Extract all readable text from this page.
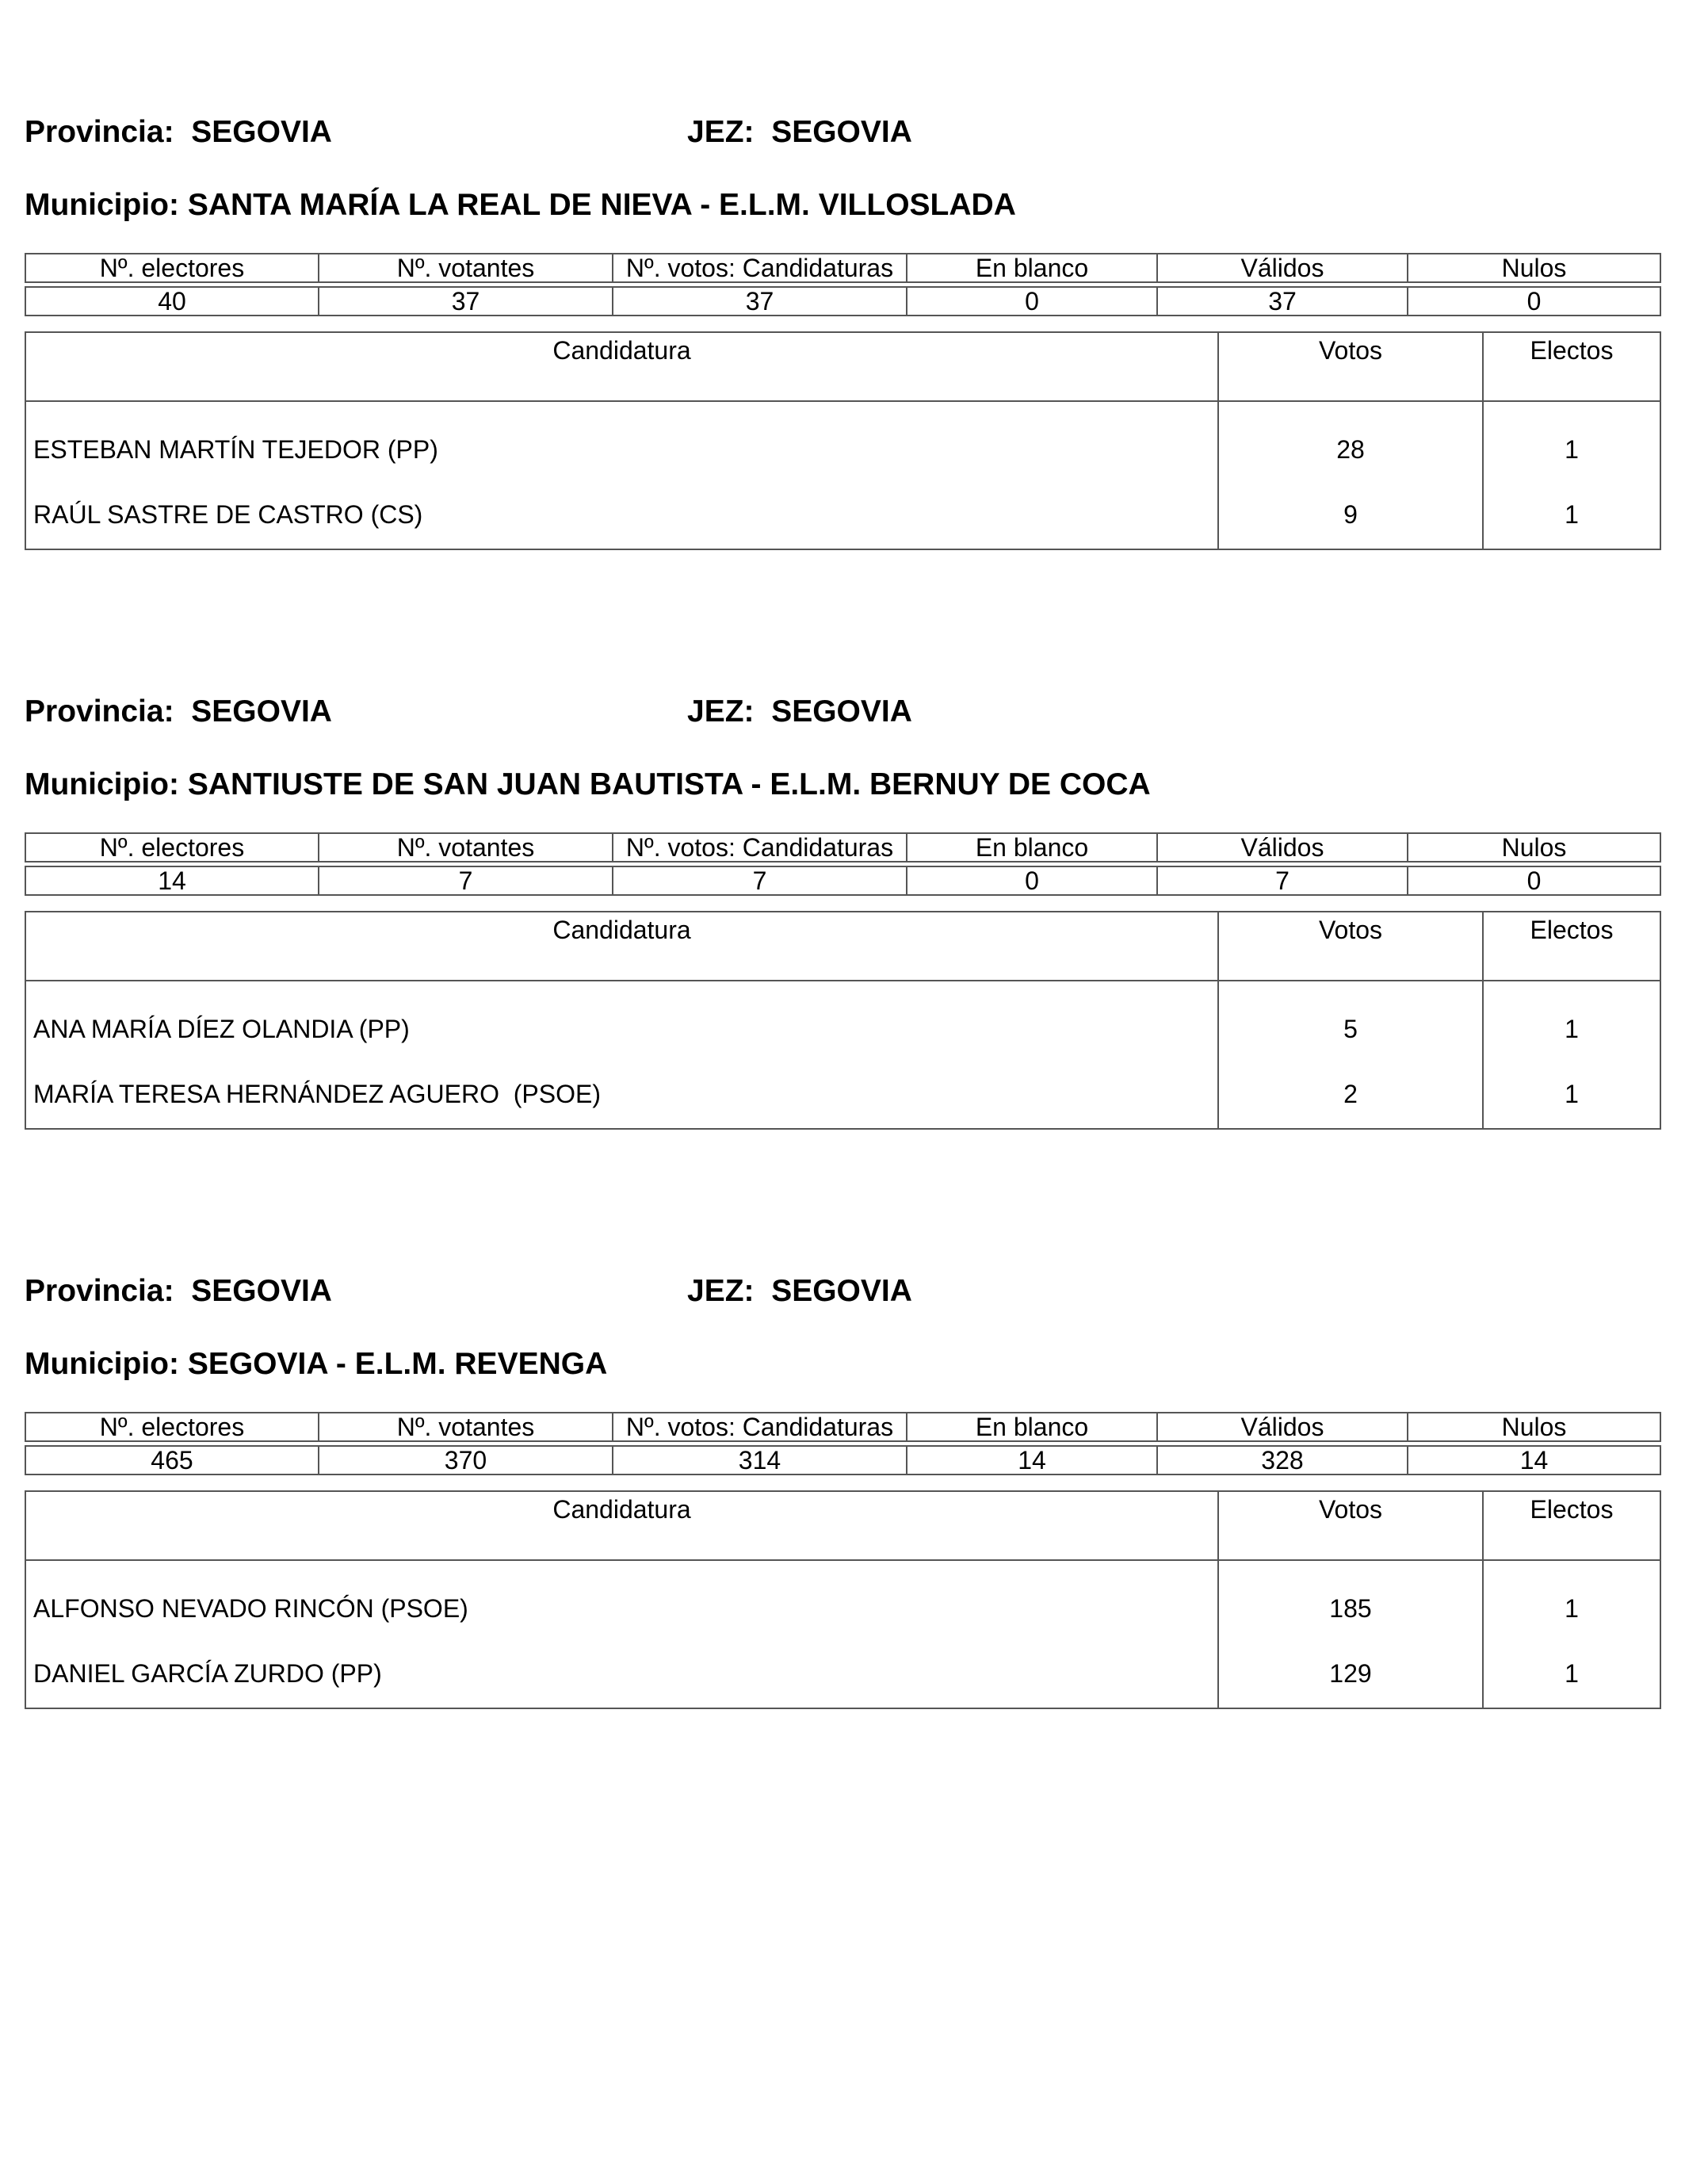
Provincia: SEGOVIA	JEZ: SEGOVIA
Municipio: SANTA MARÍA LA REAL DE NIEVA - E.L.M. VILLOSLADA
Nº. electores	Nº. votantes	Nº. votos: Candidaturas	En blanco	Válidos	Nulos

40	37	37	0	37	0
Candidatura	Votos	Electos
ESTEBAN MARTÍN TEJEDOR (PP)	28	1
RAÚL SASTRE DE CASTRO (CS)	9	1
Provincia: SEGOVIA	JEZ: SEGOVIA
Municipio: SANTIUSTE DE SAN JUAN BAUTISTA - E.L.M. BERNUY DE COCA
Nº. electores	Nº. votantes	Nº. votos: Candidaturas	En blanco	Válidos	Nulos

14	7	7	0	7	0
Candidatura	Votos	Electos
ANA MARÍA DÍEZ OLANDIA (PP)	5	1
MARÍA TERESA HERNÁNDEZ AGUERO  (PSOE)	2	1
Provincia: SEGOVIA	JEZ: SEGOVIA
Municipio: SEGOVIA - E.L.M. REVENGA
Nº. electores	Nº. votantes	Nº. votos: Candidaturas	En blanco	Válidos	Nulos

465	370	314	14	328	14
Candidatura	Votos	Electos
ALFONSO NEVADO RINCÓN (PSOE)	185	1
DANIEL GARCÍA ZURDO (PP)	129	1
